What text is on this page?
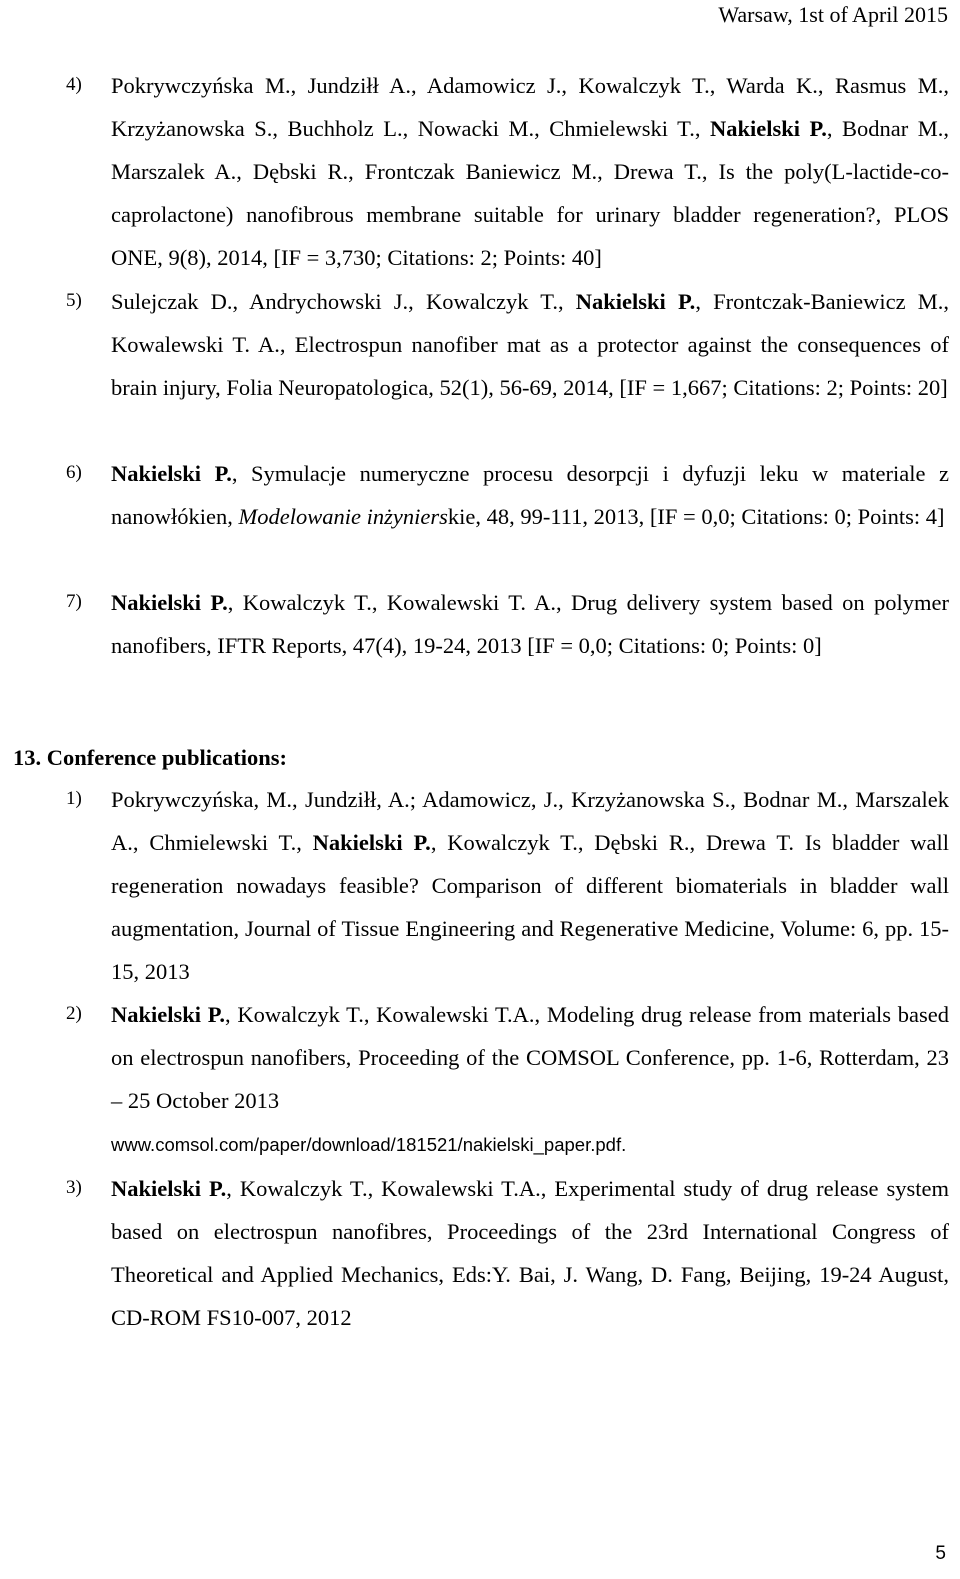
Warsaw, 1st of April 2015
4) Pokrywczyńska M., Jundziłł A., Adamowicz J., Kowalczyk T., Warda K., Rasmus M., Krzyżanowska S., Buchholz L., Nowacki M., Chmielewski T., Nakielski P., Bodnar M., Marszalek A., Dębski R., Frontczak Baniewicz M., Drewa T., Is the poly(L-lactide-co-caprolactone) nanofibrous membrane suitable for urinary bladder regeneration?, PLOS ONE, 9(8), 2014, [IF = 3,730; Citations: 2; Points: 40]
5) Sulejczak D., Andrychowski J., Kowalczyk T., Nakielski P., Frontczak-Baniewicz M., Kowalewski T. A., Electrospun nanofiber mat as a protector against the consequences of brain injury, Folia Neuropatologica, 52(1), 56-69, 2014, [IF = 1,667; Citations: 2; Points: 20]
6) Nakielski P., Symulacje numeryczne procesu desorpcji i dyfuzji leku w materiale z nanowłókien, Modelowanie inżynierskie, 48, 99-111, 2013, [IF = 0,0; Citations: 0; Points: 4]
7) Nakielski P., Kowalczyk T., Kowalewski T. A., Drug delivery system based on polymer nanofibers, IFTR Reports, 47(4), 19-24, 2013 [IF = 0,0; Citations: 0; Points: 0]
13. Conference publications:
1) Pokrywczyńska, M., Jundziłł, A.; Adamowicz, J., Krzyżanowska S., Bodnar M., Marszalek A., Chmielewski T., Nakielski P., Kowalczyk T., Dębski R., Drewa T. Is bladder wall regeneration nowadays feasible? Comparison of different biomaterials in bladder wall augmentation, Journal of Tissue Engineering and Regenerative Medicine, Volume: 6, pp. 15-15, 2013
2) Nakielski P., Kowalczyk T., Kowalewski T.A., Modeling drug release from materials based on electrospun nanofibers, Proceeding of the COMSOL Conference, pp. 1-6, Rotterdam, 23 – 25 October 2013
www.comsol.com/paper/download/181521/nakielski_paper.pdf.
3) Nakielski P., Kowalczyk T., Kowalewski T.A., Experimental study of drug release system based on electrospun nanofibres, Proceedings of the 23rd International Congress of Theoretical and Applied Mechanics, Eds:Y. Bai, J. Wang, D. Fang, Beijing, 19-24 August, CD-ROM FS10-007, 2012
5
